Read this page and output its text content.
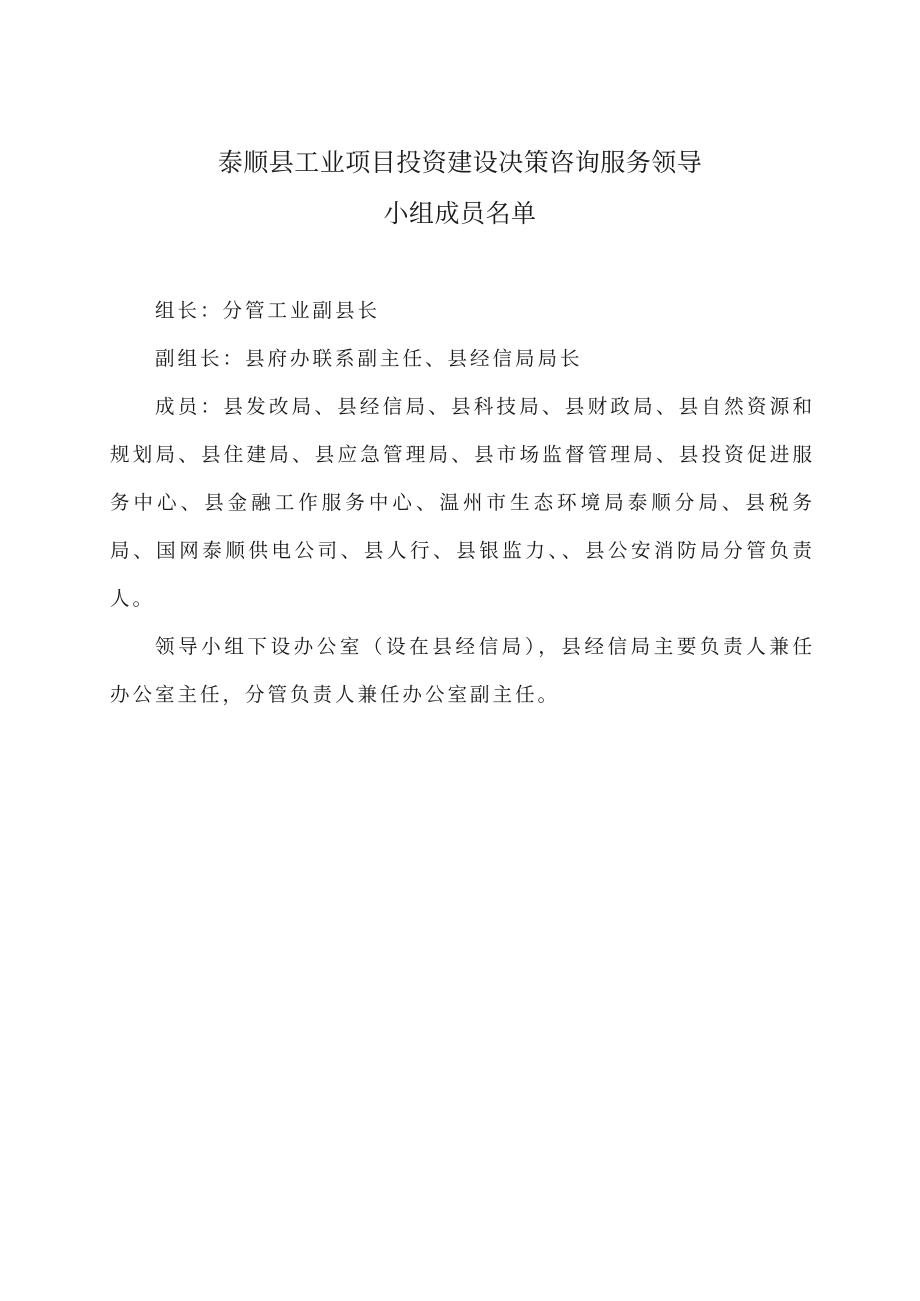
泰顺县工业项目投资建设决策咨询服务领导
小组成员名单

组长：分管工业副县长

副组长：县府办联系副主任、县经信局局长

成员：县发改局、县经信局、县科技局、县财政局、县自然资源和规划局、县住建局、县应急管理局、县市场监督管理局、县投资促进服务中心、县金融工作服务中心、温州市生态环境局泰顺分局、县税务局、国网泰顺供电公司、县人行、县银监力、、县公安消防局分管负责人。

领导小组下设办公室（设在县经信局），县经信局主要负责人兼任办公室主任，分管负责人兼任办公室副主任。
